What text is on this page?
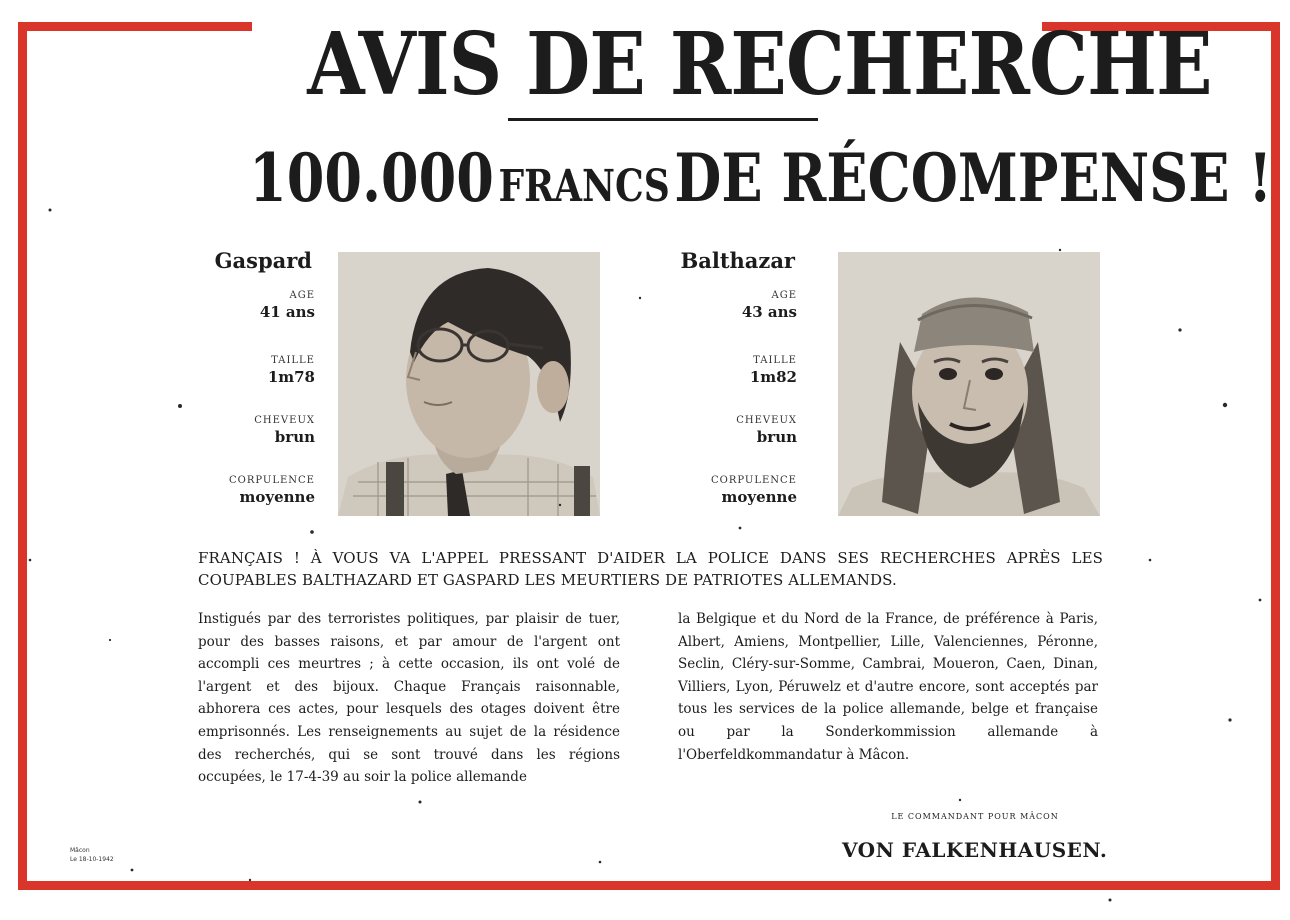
AVIS DE RECHERCHE
100.000 FRANCS DE RÉCOMPENSE !
Gaspard
AGE
41 ans
TAILLE
1m78
CHEVEUX
brun
CORPULENCE
moyenne
Balthazar
AGE
43 ans
TAILLE
1m82
CHEVEUX
brun
CORPULENCE
moyenne
FRANÇAIS ! À VOUS VA L'APPEL PRESSANT D'AIDER LA POLICE DANS SES RECHERCHES APRÈS LES COUPABLES BALTHAZARD ET GASPARD LES MEURTIERS DE PATRIOTES ALLEMANDS.
Instigués par des terroristes politiques, par plaisir de tuer, pour des basses raisons, et par amour de l'argent ont accompli ces meurtres ; à cette occasion, ils ont volé de l'argent et des bijoux. Chaque Français raisonnable, abhorera ces actes, pour lesquels des otages doivent être emprisonnés. Les renseignements au sujet de la résidence des recherchés, qui se sont trouvé dans les régions occupées, le 17-4-39 au soir la police allemande
la Belgique et du Nord de la France, de préférence à Paris, Albert, Amiens, Montpellier, Lille, Valenciennes, Péronne, Seclin, Cléry-sur-Somme, Cambrai, Moueron, Caen, Dinan, Villiers, Lyon, Péruwelz et d'autre encore, sont acceptés par tous les services de la police allemande, belge et française ou par la Sonderkommission allemande à l'Oberfeldkommandatur à Mâcon.
LE COMMANDANT POUR MÂCON
VON FALKENHAUSEN.
Mâcon
Le 18-10-1942
